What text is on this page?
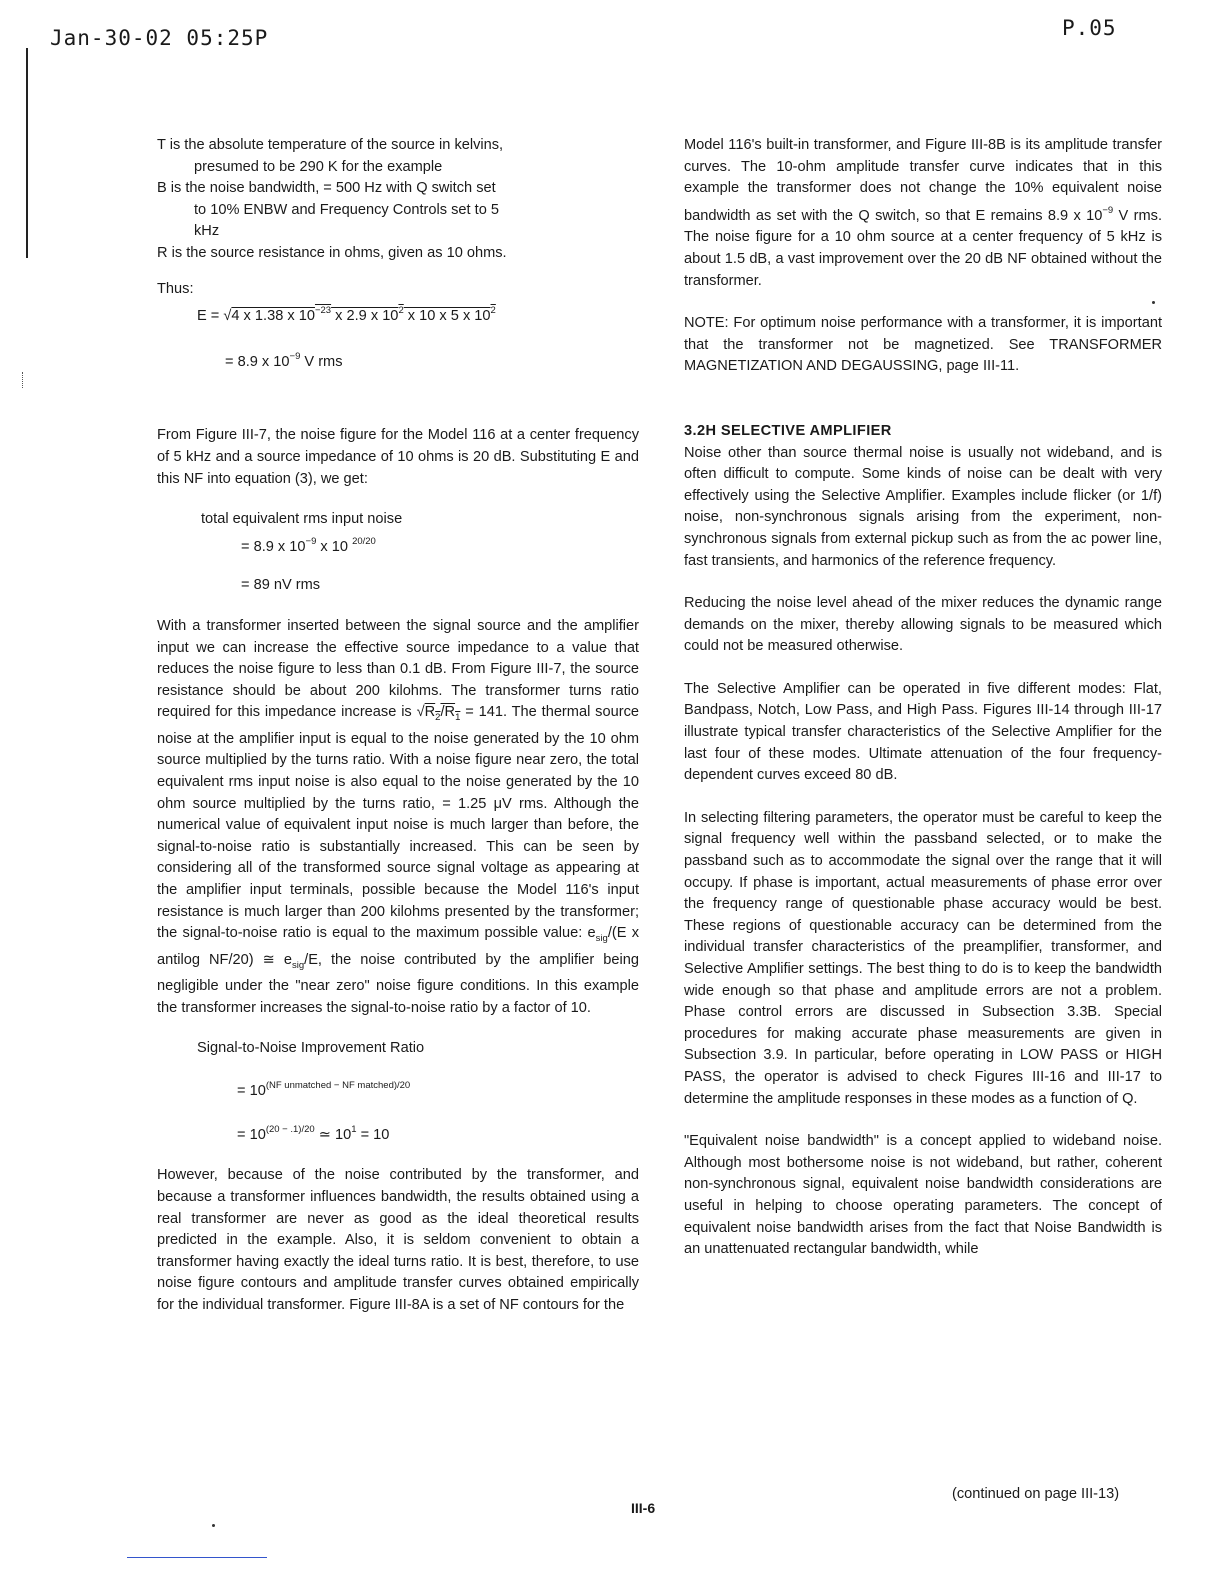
Jan-30-02 05:25P	P.05

T is the absolute temperature of the source in kelvins,
presumed to be 290 K for the example

B is the noise bandwidth, = 500 Hz with Q switch set
to 10% ENBW and Frequency Controls set to 5
kHz

R is the source resistance in ohms, given as 10 ohms.

Thus:

E = √4 x 1.38 x $10^{-23}$ x 2.9 x $10^2$ x 10 x 5 x $10^2$

= 8.9 x $10^{-9}$ V rms

From Figure III-7, the noise figure for the Model 116 at a center frequency of 5 kHz and a source impedance of 10 ohms is 20 dB. Substituting E and this NF into equation (3), we get:

total equivalent rms input noise

= 8.9 x $10^{-9}$ x 10 $^{20/20}$

= 89 nV rms

With a transformer inserted between the signal source and the amplifier input we can increase the effective source impedance to a value that reduces the noise figure to less than 0.1 dB. From Figure III-7, the source resistance should be about 200 kilohms. The transformer turns ratio required for this impedance increase is $√R_2/R_1 = 141$. The thermal source noise at the amplifier input is equal to the noise generated by the 10 ohm source multiplied by the turns ratio. With a noise figure near zero, the total equivalent rms input noise is also equal to the noise generated by the 10 ohm source multiplied by the turns ratio, = 1.25 μV rms. Although the numerical value of equivalent input noise is much larger than before, the signal-to-noise ratio is substantially increased. This can be seen by considering all of the transformed source signal voltage as appearing at the amplifier input terminals, possible because the Model 116's input resistance is much larger than 200 kilohms presented by the transformer; the signal-to-noise ratio is equal to the maximum possible value: $e_{sig}/(E$ x antilog NF/20) ≅ $e_{sig}/E$, the noise contributed by the amplifier being negligible under the "near zero" noise figure conditions. In this example the transformer increases the signal-to-noise ratio by a factor of 10.

Signal-to-Noise Improvement Ratio

= $10^{(NF unmatched - NF matched)/20}$

= $10^{(20 - .1)/20}$ ≃ $10^1 = 10$

However, because of the noise contributed by the transformer, and because a transformer influences bandwidth, the results obtained using a real transformer are never as good as the ideal theoretical results predicted in the example. Also, it is seldom convenient to obtain a transformer having exactly the ideal turns ratio. It is best, therefore, to use noise figure contours and amplitude transfer curves obtained empirically for the individual transformer. Figure III-8A is a set of NF contours for the

Model 116's built-in transformer, and Figure III-8B is its amplitude transfer curves. The 10-ohm amplitude transfer curve indicates that in this example the transformer does not change the 10% equivalent noise bandwidth as set with the Q switch, so that E remains 8.9 x $10^{-9}$ V rms. The noise figure for a 10 ohm source at a center frequency of 5 kHz is about 1.5 dB, a vast improvement over the 20 dB NF obtained without the transformer.

NOTE: For optimum noise performance with a transformer, it is important that the transformer not be magnetized. See TRANSFORMER MAGNETIZATION AND DEGAUSSING, page III-11.

3.2H SELECTIVE AMPLIFIER

Noise other than source thermal noise is usually not wideband, and is often difficult to compute. Some kinds of noise can be dealt with very effectively using the Selective Amplifier. Examples include flicker (or 1/f) noise, non-synchronous signals arising from the experiment, non-synchronous signals from external pickup such as from the ac power line, fast transients, and harmonics of the reference frequency.

Reducing the noise level ahead of the mixer reduces the dynamic range demands on the mixer, thereby allowing signals to be measured which could not be measured otherwise.

The Selective Amplifier can be operated in five different modes: Flat, Bandpass, Notch, Low Pass, and High Pass. Figures III-14 through III-17 illustrate typical transfer characteristics of the Selective Amplifier for the last four of these modes. Ultimate attenuation of the four frequency-dependent curves exceed 80 dB.

In selecting filtering parameters, the operator must be careful to keep the signal frequency well within the passband selected, or to make the passband such as to accommodate the signal over the range that it will occupy. If phase is important, actual measurements of phase error over the frequency range of questionable phase accuracy would be best. These regions of questionable accuracy can be determined from the individual transfer characteristics of the preamplifier, transformer, and Selective Amplifier settings. The best thing to do is to keep the bandwidth wide enough so that phase and amplitude errors are not a problem. Phase control errors are discussed in Subsection 3.3B. Special procedures for making accurate phase measurements are given in Subsection 3.9. In particular, before operating in LOW PASS or HIGH PASS, the operator is advised to check Figures III-16 and III-17 to determine the amplitude responses in these modes as a function of Q.

"Equivalent noise bandwidth" is a concept applied to wideband noise. Although most bothersome noise is not wideband, but rather, coherent non-synchronous signal, equivalent noise bandwidth considerations are useful in helping to choose operating parameters. The concept of equivalent noise bandwidth arises from the fact that Noise Bandwidth is an unattenuated rectangular bandwidth, while

(continued on page III-13)
III-6
